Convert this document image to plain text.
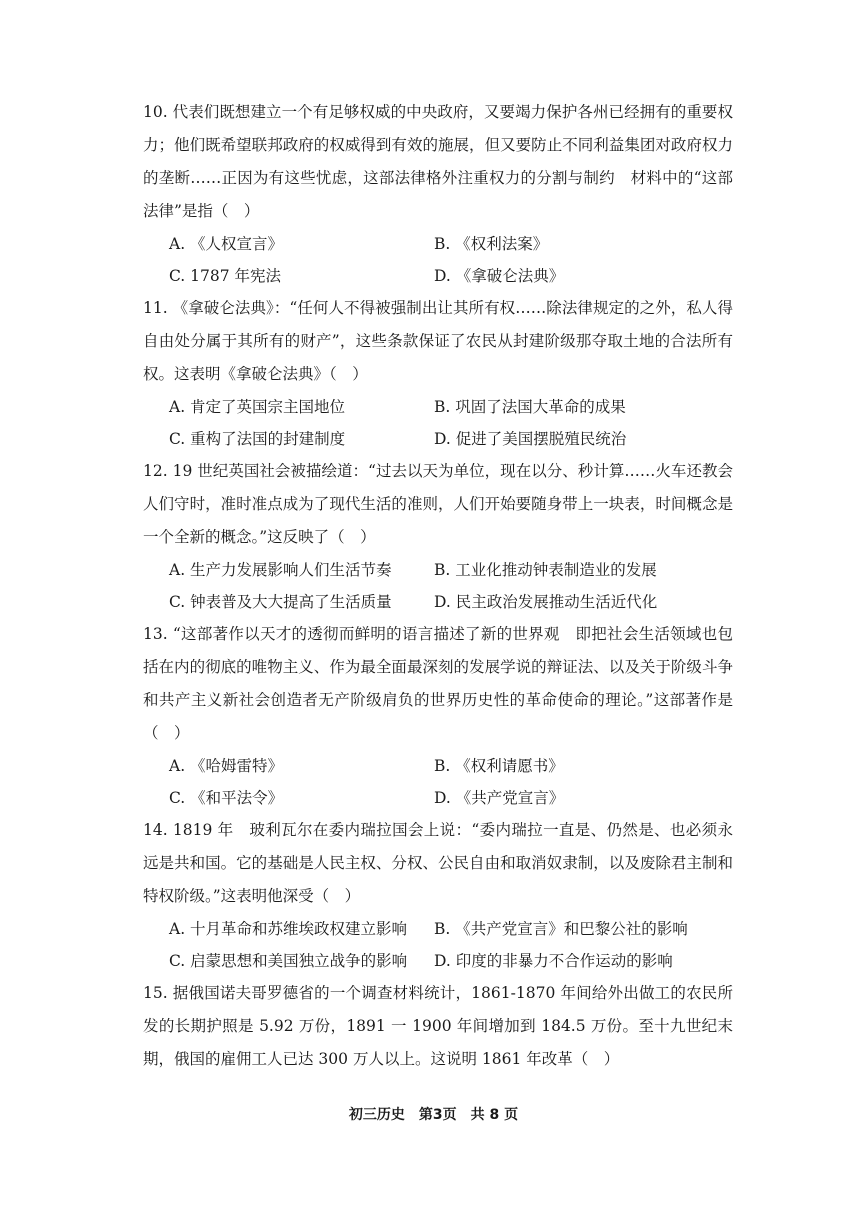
10. 代表们既想建立一个有足够权威的中央政府，又要竭力保护各州已经拥有的重要权力；他们既希望联邦政府的权威得到有效的施展，但又要防止不同利益集团对政府权力的垄断……正因为有这些忧虑，这部法律格外注重权力的分割与制约　材料中的“这部法律”是指（　）

A. 《人权宣言》	B. 《权利法案》
C. 1787 年宪法	D. 《拿破仑法典》

11. 《拿破仑法典》：“任何人不得被强制出让其所有权……除法律规定的之外，私人得自由处分属于其所有的财产”，这些条款保证了农民从封建阶级那夺取土地的合法所有权。这表明《拿破仑法典》（　）

A. 肯定了英国宗主国地位	B. 巩固了法国大革命的成果
C. 重构了法国的封建制度	D. 促进了美国摆脱殖民统治

12. 19 世纪英国社会被描绘道：“过去以天为单位，现在以分、秒计算……火车还教会人们守时，准时准点成为了现代生活的准则，人们开始要随身带上一块表，时间概念是一个全新的概念。”这反映了（　）

A. 生产力发展影响人们生活节奏	B. 工业化推动钟表制造业的发展
C. 钟表普及大大提高了生活质量	D. 民主政治发展推动生活近代化

13. “这部著作以天才的透彻而鲜明的语言描述了新的世界观　即把社会生活领域也包括在内的彻底的唯物主义、作为最全面最深刻的发展学说的辩证法、以及关于阶级斗争和共产主义新社会创造者无产阶级肩负的世界历史性的革命使命的理论。”这部著作是（　）

A. 《哈姆雷特》	B. 《权利请愿书》
C. 《和平法令》	D. 《共产党宣言》

14. 1819 年　玻利瓦尔在委内瑞拉国会上说：“委内瑞拉一直是、仍然是、也必须永远是共和国。它的基础是人民主权、分权、公民自由和取消奴隶制，以及废除君主制和特权阶级。”这表明他深受（　）

A. 十月革命和苏维埃政权建立影响	B. 《共产党宣言》和巴黎公社的影响
C. 启蒙思想和美国独立战争的影响	D. 印度的非暴力不合作运动的影响

15. 据俄国诺夫哥罗德省的一个调查材料统计，1861-1870 年间给外出做工的农民所发的长期护照是 5.92 万份，1891 一 1900 年间增加到 184.5 万份。至十九世纪末期，俄国的雇佣工人已达 300 万人以上。这说明 1861 年改革（　）

初三历史　第3页　共 8 页
